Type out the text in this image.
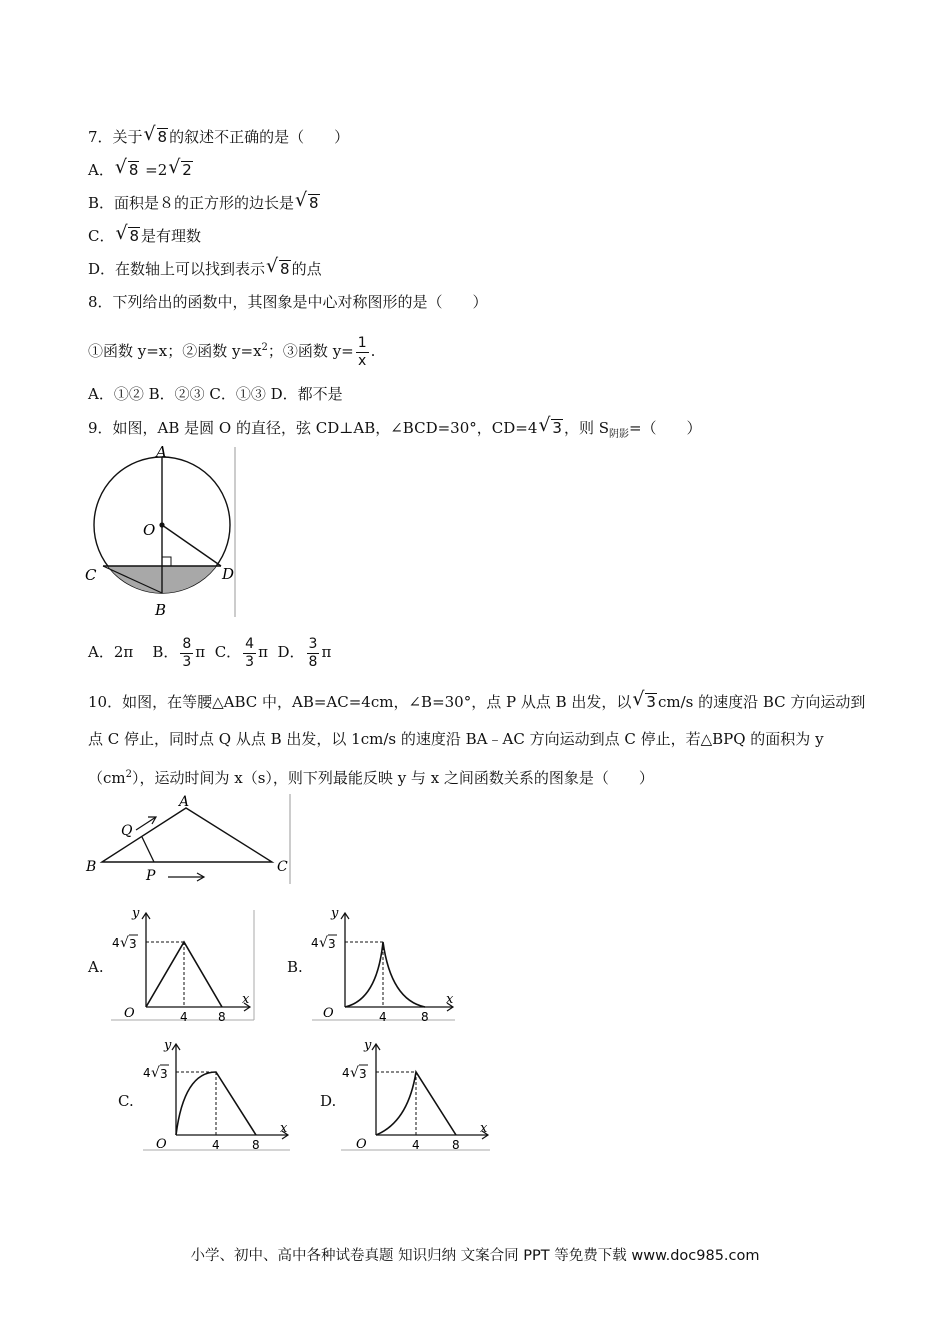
7．关于 √ 8 的叙述不正确的是（　　）
A． √ 8 =2 √ 2
B．面积是８的正方形的边长是 √ 8
C． √ 8 是有理数
D．在数轴上可以找到表示 √ 8 的点
8．下列给出的函数中，其图象是中心对称图形的是（　　）
①函数 y=x；②函数 $y=x^2$；③函数 $y= \frac{1}{x}$ .
A．①② B．②③ C．①③ D．都不是
9．如图，AB 是圆 O 的直径，弦 CD⊥AB，∠BCD=30°，CD=4 √ 3 ，则 $S_{阴影}=$（　　）
A
O
C	D
B
A．2π B． $\frac{8}{3}$ π C． $\frac{4}{3}$ π D． $\frac{3}{8}$ π
10．如图，在等腰△ABC 中，AB=AC=4cm，∠B=30°，点 P 从点 B 出发，以 √ 3 cm/s 的速度沿 BC 方向运动到
点 C 停止，同时点 Q 从点 B 出发，以 1cm/s 的速度沿 BA﹣AC 方向运动到点 C 停止，若△BPQ 的面积为 y
$(cm^2)$，运动时间为 x（s），则下列最能反映 y 与 x 之间函数关系的图象是（　　）
A
Q
B
P
C
A.	B.
C.	D.
y
x
O
4 √ 3
4	8
y
x
O
4 √ 3
4	8
y
x
O
4 √ 3
4	8
y
x
O
4 √ 3
4	8
小学、初中、高中各种试卷真题 知识归纳 文案合同 PPT 等免费下载 www.doc985.com
